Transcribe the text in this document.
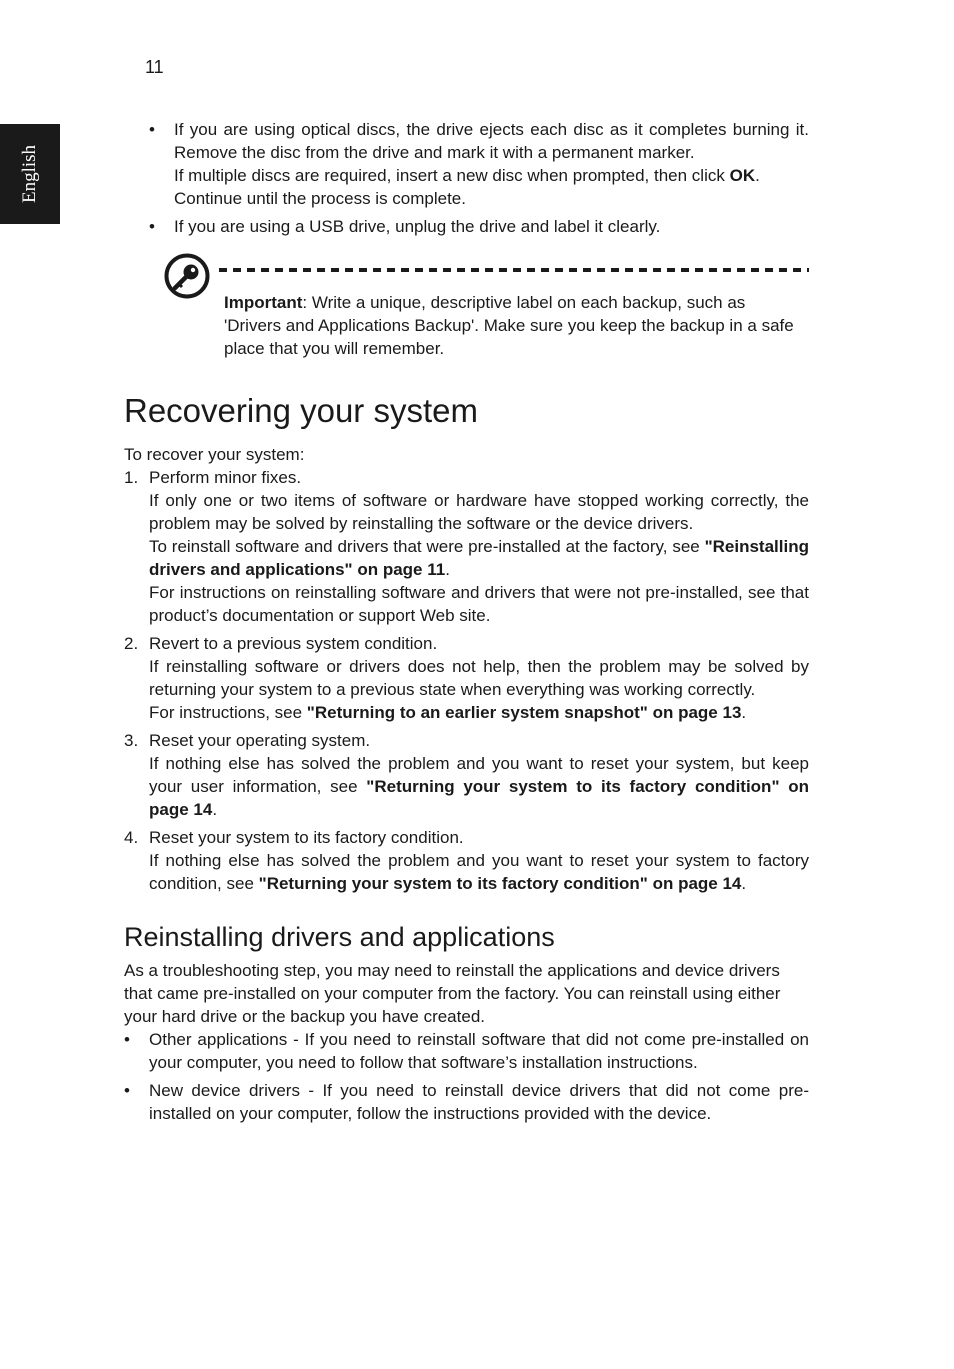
11
English
• If you are using optical discs, the drive ejects each disc as it completes burning it. Remove the disc from the drive and mark it with a permanent marker.

If multiple discs are required, insert a new disc when prompted, then click OK. Continue until the process is complete.

• If you are using a USB drive, unplug the drive and label it clearly.

Important: Write a unique, descriptive label on each backup, such as 'Drivers and Applications Backup'. Make sure you keep the backup in a safe place that you will remember.

Recovering your system

To recover your system:

1. Perform minor fixes.

If only one or two items of software or hardware have stopped working correctly, the problem may be solved by reinstalling the software or the device drivers.

To reinstall software and drivers that were pre-installed at the factory, see "Reinstalling drivers and applications" on page 11.

For instructions on reinstalling software and drivers that were not pre-installed, see that product’s documentation or support Web site.

2. Revert to a previous system condition.

If reinstalling software or drivers does not help, then the problem may be solved by returning your system to a previous state when everything was working correctly.

For instructions, see "Returning to an earlier system snapshot" on page 13.

3. Reset your operating system.

If nothing else has solved the problem and you want to reset your system, but keep your user information, see "Returning your system to its factory condition" on page 14.

4. Reset your system to its factory condition.

If nothing else has solved the problem and you want to reset your system to factory condition, see "Returning your system to its factory condition" on page 14.

Reinstalling drivers and applications

As a troubleshooting step, you may need to reinstall the applications and device drivers that came pre-installed on your computer from the factory. You can reinstall using either your hard drive or the backup you have created.

• Other applications - If you need to reinstall software that did not come pre-installed on your computer, you need to follow that software’s installation instructions.

• New device drivers - If you need to reinstall device drivers that did not come pre-installed on your computer, follow the instructions provided with the device.
